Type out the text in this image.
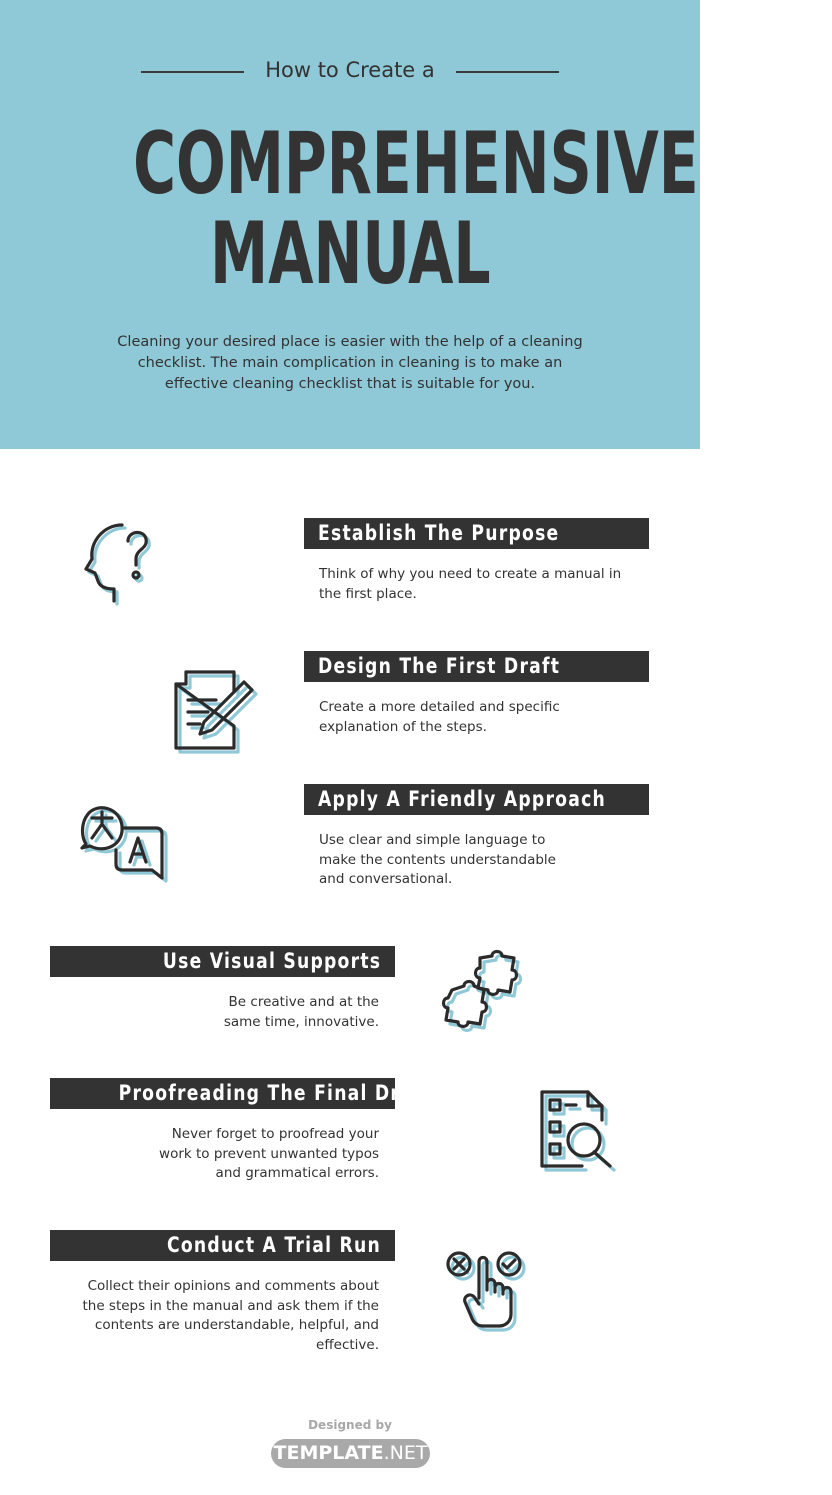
How to Create a
COMPREHENSIVE
MANUAL
Cleaning your desired place is easier with the help of a cleaning checklist. The main complication in cleaning is to make an effective cleaning checklist that is suitable for you.
Establish The Purpose
Think of why you need to create a manual in the first place.
Design The First Draft
Create a more detailed and specific explanation of the steps.
Apply A Friendly Approach
Use clear and simple language to make the contents understandable and conversational.
Use Visual Supports
Be creative and at the same time, innovative.
Proofreading The Final Draft
Never forget to proofread your work to prevent unwanted typos and grammatical errors.
Conduct A Trial Run
Collect their opinions and comments about the steps in the manual and ask them if the contents are understandable, helpful, and effective.
Designed by
TEMPLATE.NET
